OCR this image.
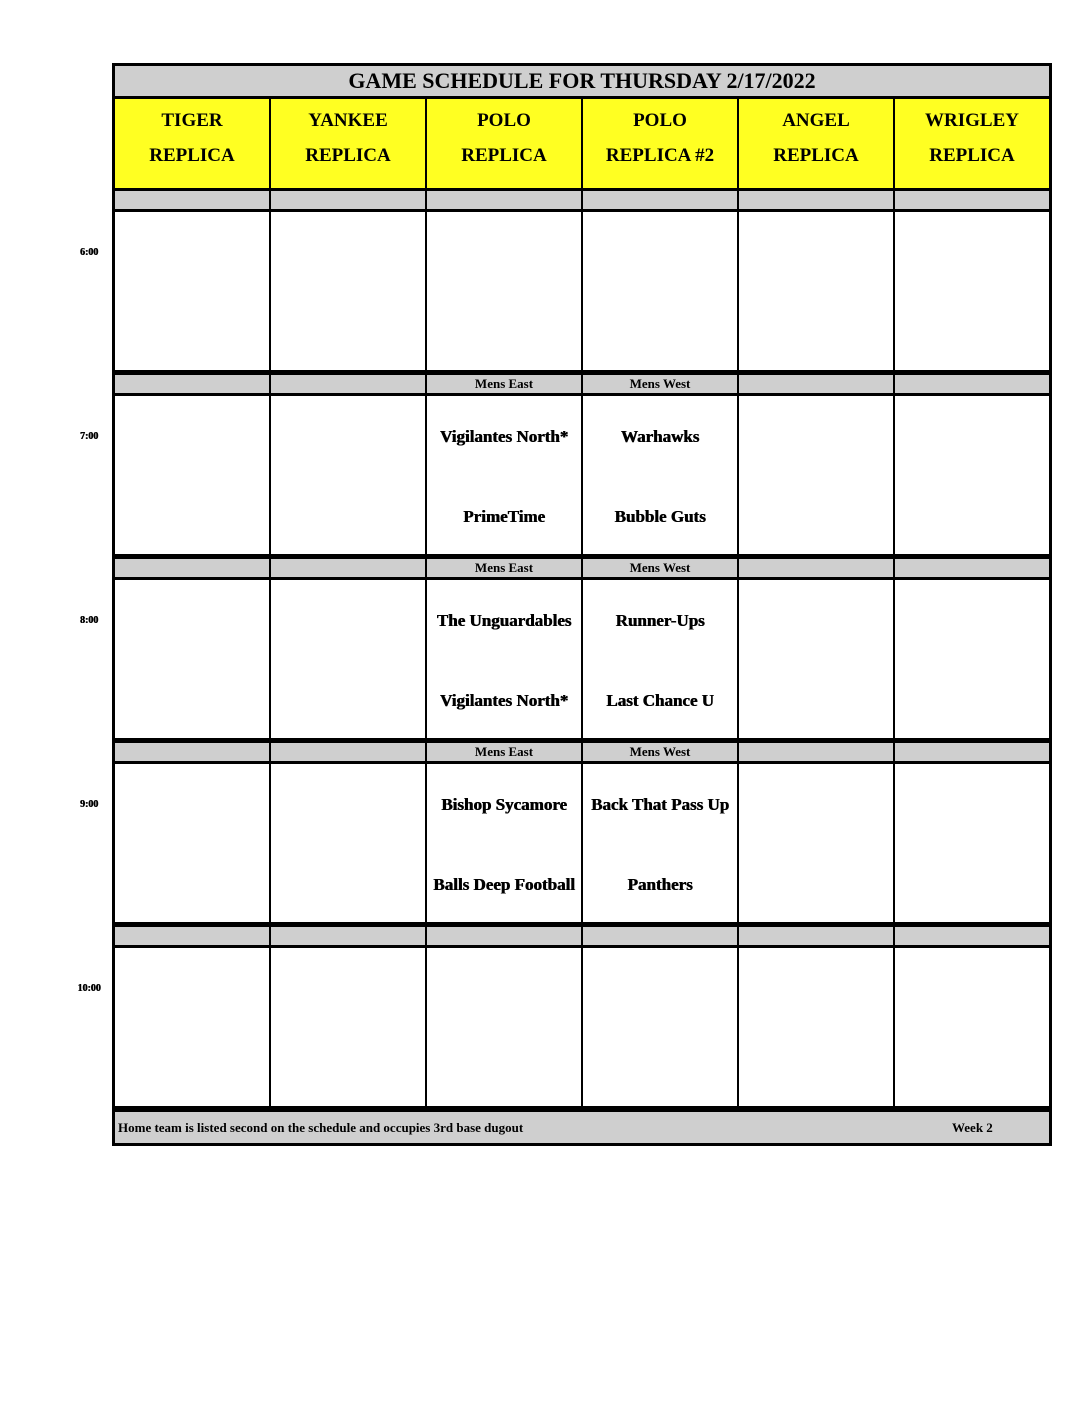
GAME SCHEDULE FOR THURSDAY 2/17/2022
Mens East
Vigilantes North*
PrimeTime
Mens West
Warhawks
Bubble Guts
Mens East
The Unguardables
Vigilantes North*
Mens West
Runner-Ups
Last Chance U
Mens East
Bishop Sycamore
Balls Deep Football
Mens West
Back That Pass Up
Panthers
Home team is listed second on the schedule and occupies 3rd base dugout	Week 2
TIGER
REPLICA
YANKEE
REPLICA
POLO
REPLICA
POLO
REPLICA #2
ANGEL
REPLICA
WRIGLEY
REPLICA
6:00
7:00
8:00
9:00
10:00
